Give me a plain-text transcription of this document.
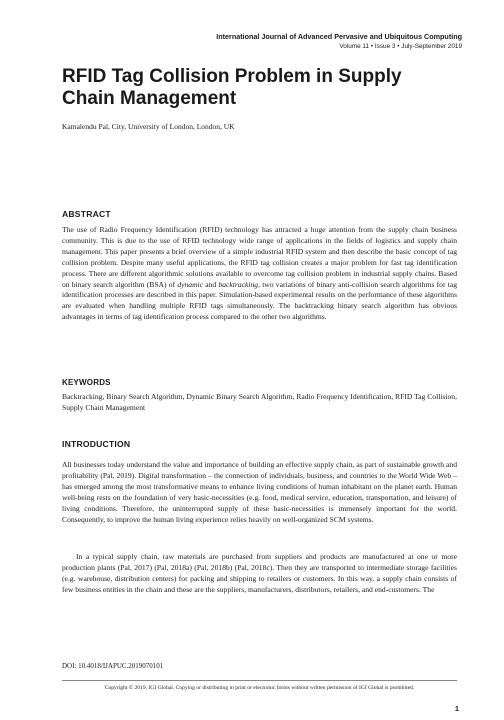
International Journal of Advanced Pervasive and Ubiquitous Computing
Volume 11 • Issue 3 • July-September 2019
RFID Tag Collision Problem in Supply Chain Management
Kamalendu Pal, City, University of London, London, UK
ABSTRACT

The use of Radio Frequency Identification (RFID) technology has attracted a huge attention from the supply chain business community. This is due to the use of RFID technology wide range of applications in the fields of logistics and supply chain management. This paper presents a brief overview of a simple industrial RFID system and then describe the basic concept of tag collision problem. Despite many useful applications, the RFID tag collision creates a major problem for fast tag identification process. There are different algorithmic solutions available to overcome tag collision problem in industrial supply chains. Based on binary search algorithm (BSA) of dynamic and backtracking, two variations of binary anti-collision search algorithms for tag identification processes are described in this paper. Simulation-based experimental results on the performance of these algorithms are evaluated when handling multiple RFID tags simultaneously. The backtracking binary search algorithm has obvious advantages in terms of tag identification process compared to the other two algorithms.

KEYWORDS

Backtracking, Binary Search Algorithm, Dynamic Binary Search Algorithm, Radio Frequency Identification, RFID Tag Collision, Supply Chain Management

INTRODUCTION

All businesses today understand the value and importance of building an effective supply chain, as part of sustainable growth and profitability (Pal, 2019). Digital transformation – the connection of individuals, business, and countries to the World Wide Web – has emerged among the most transformative means to enhance living conditions of human inhabitant on the planet earth. Human well-being rests on the foundation of very basic-necessities (e.g. food, medical service, education, transportation, and leisure) of living conditions. Therefore, the uninterrupted supply of these basic-necessities is immensely important for the world. Consequently, to improve the human living experience relies heavily on well-organized SCM systems.

In a typical supply chain, raw materials are purchased from suppliers and products are manufactured at one or more production plants (Pal, 2017) (Pal, 2018a) (Pal, 2018b) (Pal, 2018c). Then they are transported to intermediate storage facilities (e.g. warehouse, distribution centers) for packing and shipping to retailers or customers. In this way, a supply chain consists of few business entities in the chain and these are the suppliers, manufacturers, distributors, retailers, and end-customers. The

DOI: 10.4018/IJAPUC.2019070101
Copyright © 2019, IGI Global. Copying or distributing in print or electronic forms without written permission of IGI Global is prohibited.
1
